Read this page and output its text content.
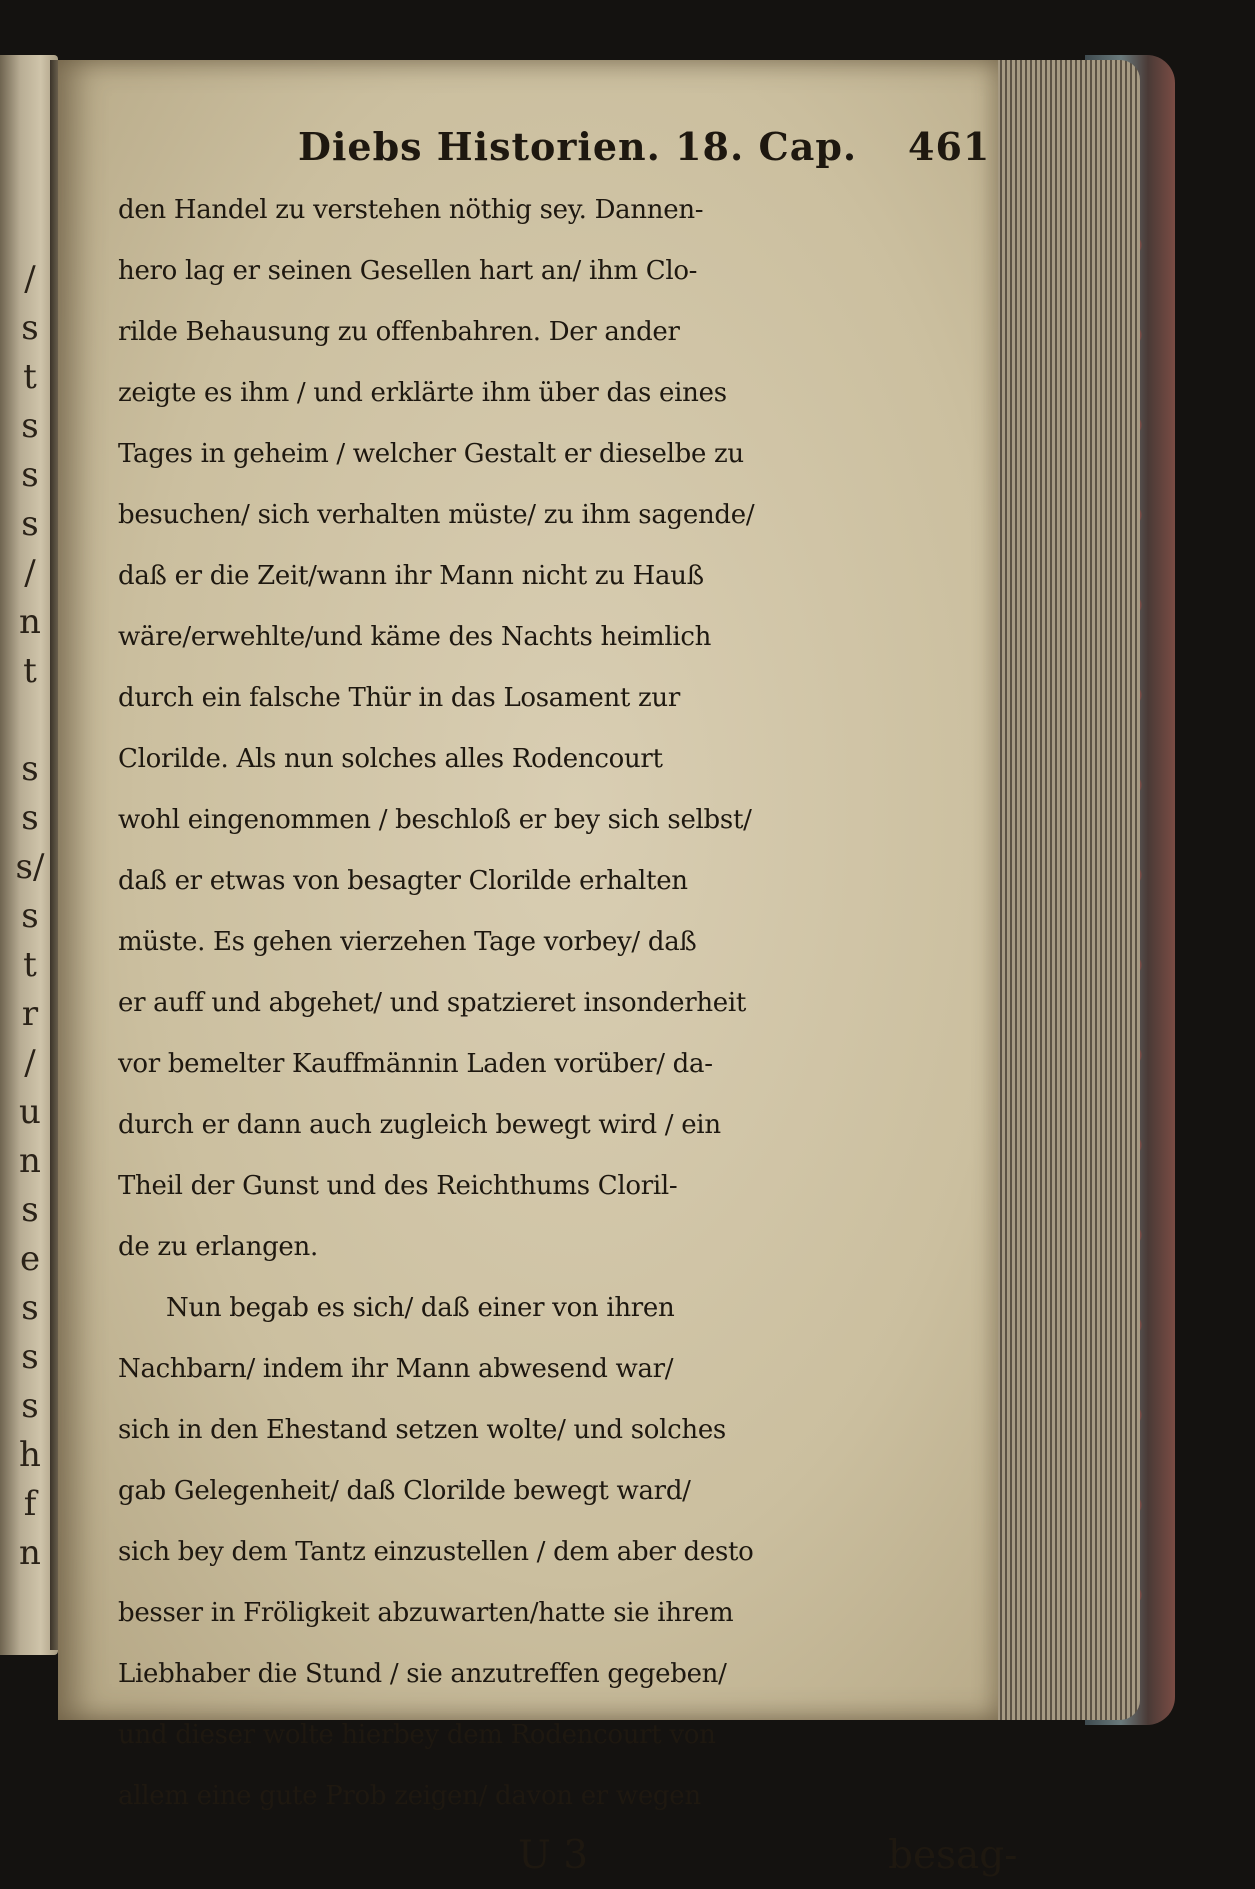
/
s
t
s
s
s
/
n
t
s
s
s/
s
t
r
/
u
n
s
e
s
s
s
h
f
n
Diebs Historien. 18. Cap. 461
den Handel zu verstehen nöthig sey. Dannen-
hero lag er seinen Gesellen hart an/ ihm Clo-
rilde Behausung zu offenbahren. Der ander
zeigte es ihm / und erklärte ihm über das eines
Tages in geheim / welcher Gestalt er dieselbe zu
besuchen/ sich verhalten müste/ zu ihm sagende/
daß er die Zeit/wann ihr Mann nicht zu Hauß
wäre/erwehlte/und käme des Nachts heimlich
durch ein falsche Thür in das Losament zur
Clorilde. Als nun solches alles Rodencourt
wohl eingenommen / beschloß er bey sich selbst/
daß er etwas von besagter Clorilde erhalten
müste. Es gehen vierzehen Tage vorbey/ daß
er auff und abgehet/ und spatzieret insonderheit
vor bemelter Kauffmännin Laden vorüber/ da-
durch er dann auch zugleich bewegt wird / ein
Theil der Gunst und des Reichthums Cloril-
de zu erlangen.
Nun begab es sich/ daß einer von ihren
Nachbarn/ indem ihr Mann abwesend war/
sich in den Ehestand setzen wolte/ und solches
gab Gelegenheit/ daß Clorilde bewegt ward/
sich bey dem Tantz einzustellen / dem aber desto
besser in Fröligkeit abzuwarten/hatte sie ihrem
Liebhaber die Stund / sie anzutreffen gegeben/
und dieser wolte hierbey dem Rodencourt von
allem eine gute Prob zeigen/ davon er wegen
U 3	besag-
